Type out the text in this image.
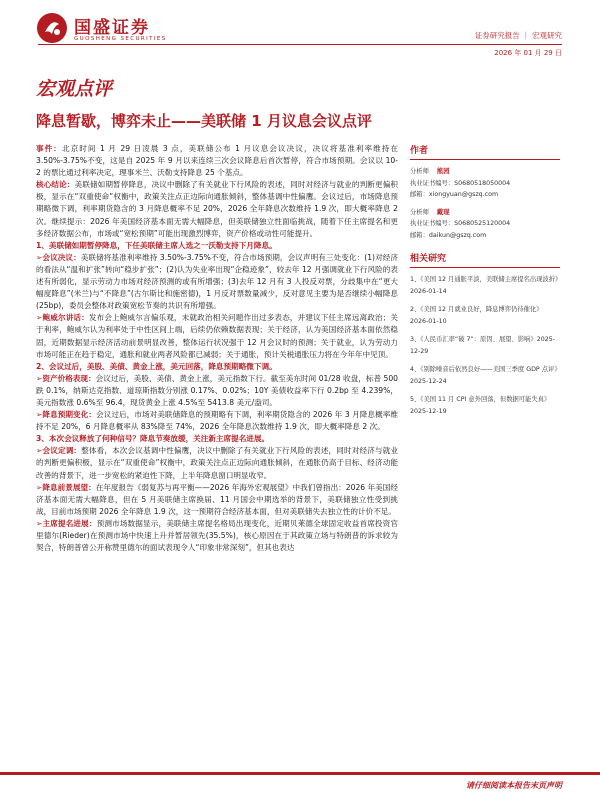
国盛证券
GUOSHENG SECURITIES	证券研究报告 ｜ 宏观研究
2026 年 01 月 29 日
宏观点评
降息暂歇，博弈未止——美联储 1 月议息会议点评

事件：北京时间 1 月 29 日凌晨 3 点，美联储公布 1 月议息会议决议，决议将基准利率维持在 3.50%-3.75%不变，这是自 2025 年 9 月以来连续三次会议降息后首次暂停，符合市场预期。会议以 10-2 的票比通过利率决定，理事米兰、沃勒支持降息 25 个基点。

核心结论：美联储如期暂停降息，决议中删除了有关就业下行风险的表述，同时对经济与就业的判断更偏积极，显示在“双重使命”权衡中，政策关注点正边际向通胀倾斜，整体基调中性偏鹰。会议过后，市场降息预期略微下调，利率期货隐含的 3 月降息概率不足 20%，2026 全年降息次数维持 1.9 次，即大概率降息 2 次。继续提示：2026 年美国经济基本面无需大幅降息，但美联储独立性面临挑战，随着下任主席提名和更多经济数据公布，市场或“宽松预期”可能出现激烈博弈，资产价格或动性可能提升。

1、美联储如期暂停降息，下任美联储主席人选之一沃勒支持下月降息。

➢会议决议：美联储将基准利率维持 3.50%-3.75%不变，符合市场预期，会议声明有三处变化：(1)对经济的看法从“温和扩张”转向“稳步扩张”；(2)认为失业率出现“企稳迹象”，较去年 12 月强调就业下行风险的表述有所弱化，显示劳动力市场对经济预测的或有所增强；(3)去年 12 月有 3 人投反对票，分歧集中在“更大幅度降息”(米兰)与“不降息”(古尔斯比和施密德)，1 月反对票数量减少，反对意见主要为是否继续小幅降息(25bp)，委员会整体对政策宽松节奏的共识有所增强。

➢鲍威尔讲话：发布会上鲍威尔言偏乐观，未就政治相关问题作出过多表态，并建议下任主席远离政治；关于利率，鲍威尔认为利率处于中性区间上端，后续仍依赖数据表现；关于经济，认为美国经济基本面依然稳固，近期数据显示经济活动前景明显改善，整体运行状况强于 12 月会议时的预测；关于就业，认为劳动力市场可能正在趋于稳定，通胀和就业两者风险都已减弱；关于通胀，预计关税通胀压力将在今年年中见顶。

2、会议过后，美股、美债、黄金上涨，美元回落，降息预期略微下调。

➢资产价格表现：会议过后，美股、美债、黄金上涨，美元指数下行。截至美东时间 01/28 收盘，标普 500 跌 0.1%，纳斯达克指数、道琼斯指数分别涨 0.17%、0.02%；10Y 美债收益率下行 0.2bp 至 4.239%，美元指数涨 0.6%至 96.4，现货黄金上涨 4.5%至 5413.8 美元/盎司。

➢降息预期变化：会议过后，市场对美联储降息的预期略有下调，利率期货隐含的 2026 年 3 月降息概率维持不足 20%，6 月降息概率从 83%降至 74%，2026 全年降息次数维持 1.9 次，即大概率降息 2 次。

3、本次会议释放了何种信号？降息节奏放缓，关注新主席提名进展。

➢会议定调：整体看，本次会议基调中性偏鹰，决议中删除了有关就业下行风险的表述，同时对经济与就业的判断更偏积极，显示在“双重使命”权衡中，政策关注点正边际向通胀倾斜，在通胀仍高于目标、经济动能改善的背景下，进一步宽松的紧迫性下降，上半年降息窗口明显收窄。

➢降息前景展望：在年度报告《弱复苏与再平衡——2026 年海外宏观展望》中我们曾指出：2026 年美国经济基本面无需大幅降息，但在 5 月美联储主席换届、11 月国会中期选举的背景下，美联储独立性受到挑战，目前市场预期 2026 全年降息 1.9 次，这一预期符合经济基本面，但对美联储失去独立性的计价不足。

➢主席提名进展：预测市场数据显示，美联储主席提名格局出现变化，近期贝莱德全球固定收益首席投资官里德尔(Rieder)在预测市场中快速上升并暂居领先(35.5%)，核心原因在于其政策立场与特朗普的诉求较为契合，特朗普曾公开称赞里德尔的面试表现令人“印象非常深刻”，但其也表达

作者
分析师 熊园
执业证书编号：S0680518050004
邮箱：xiongyuan@gszq.com
分析师 戴琨
执业证书编号：S0680525120004
邮箱：daikun@gszq.com
相关研究
1、《美国 12 月通胀平淡，美联储主席提名出现波折》2026-01-14
2、《美国 12 月就业良好，降息博弈仍待催化》2026-01-10
3、《人民币汇率“破 7”：原因、展望、影响》2025-12-29
4、《别除噪音后依然良好——美国三季度 GDP 点评》2025-12-24
5、《美国 11 月 CPI 意外回落，但数据可能失真》2025-12-19
请仔细阅读本报告末页声明
